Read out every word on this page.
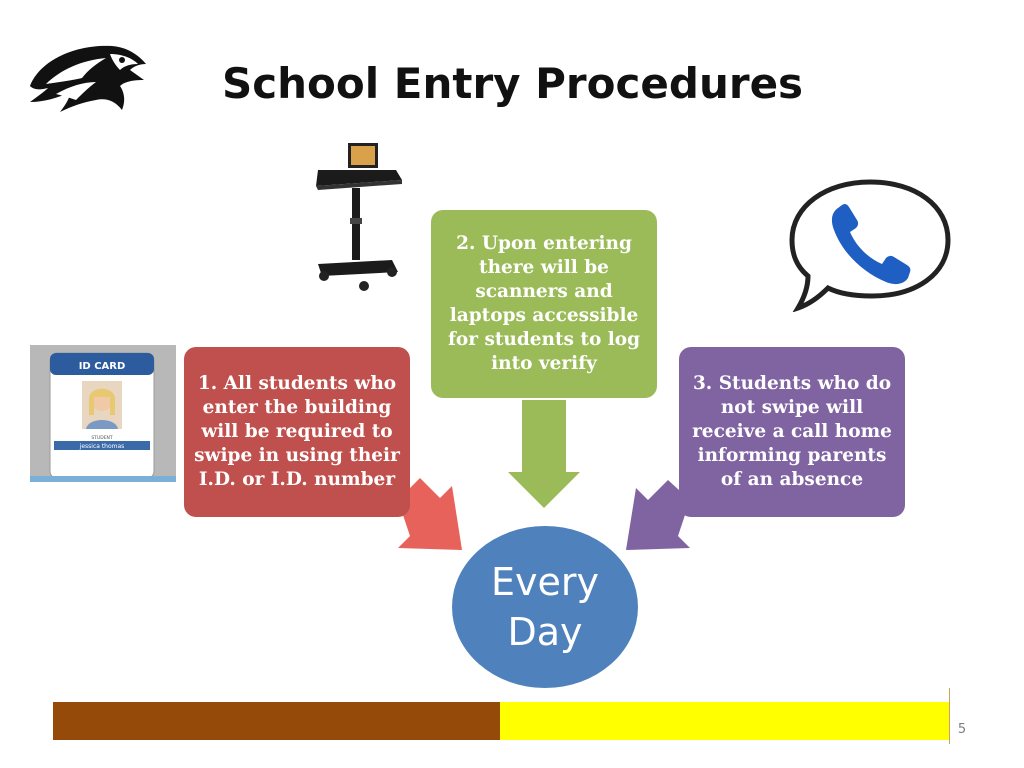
School Entry Procedures
ID CARD
STUDENT
jessica thomas
1. All students who
enter the building
will be required to
swipe in using their
I.D. or I.D. number
2. Upon entering
there will be
scanners and
laptops accessible
for students to log
into verify
3. Students who do
not swipe will
receive a call home
informing parents
of an absence
Every
Day
5
